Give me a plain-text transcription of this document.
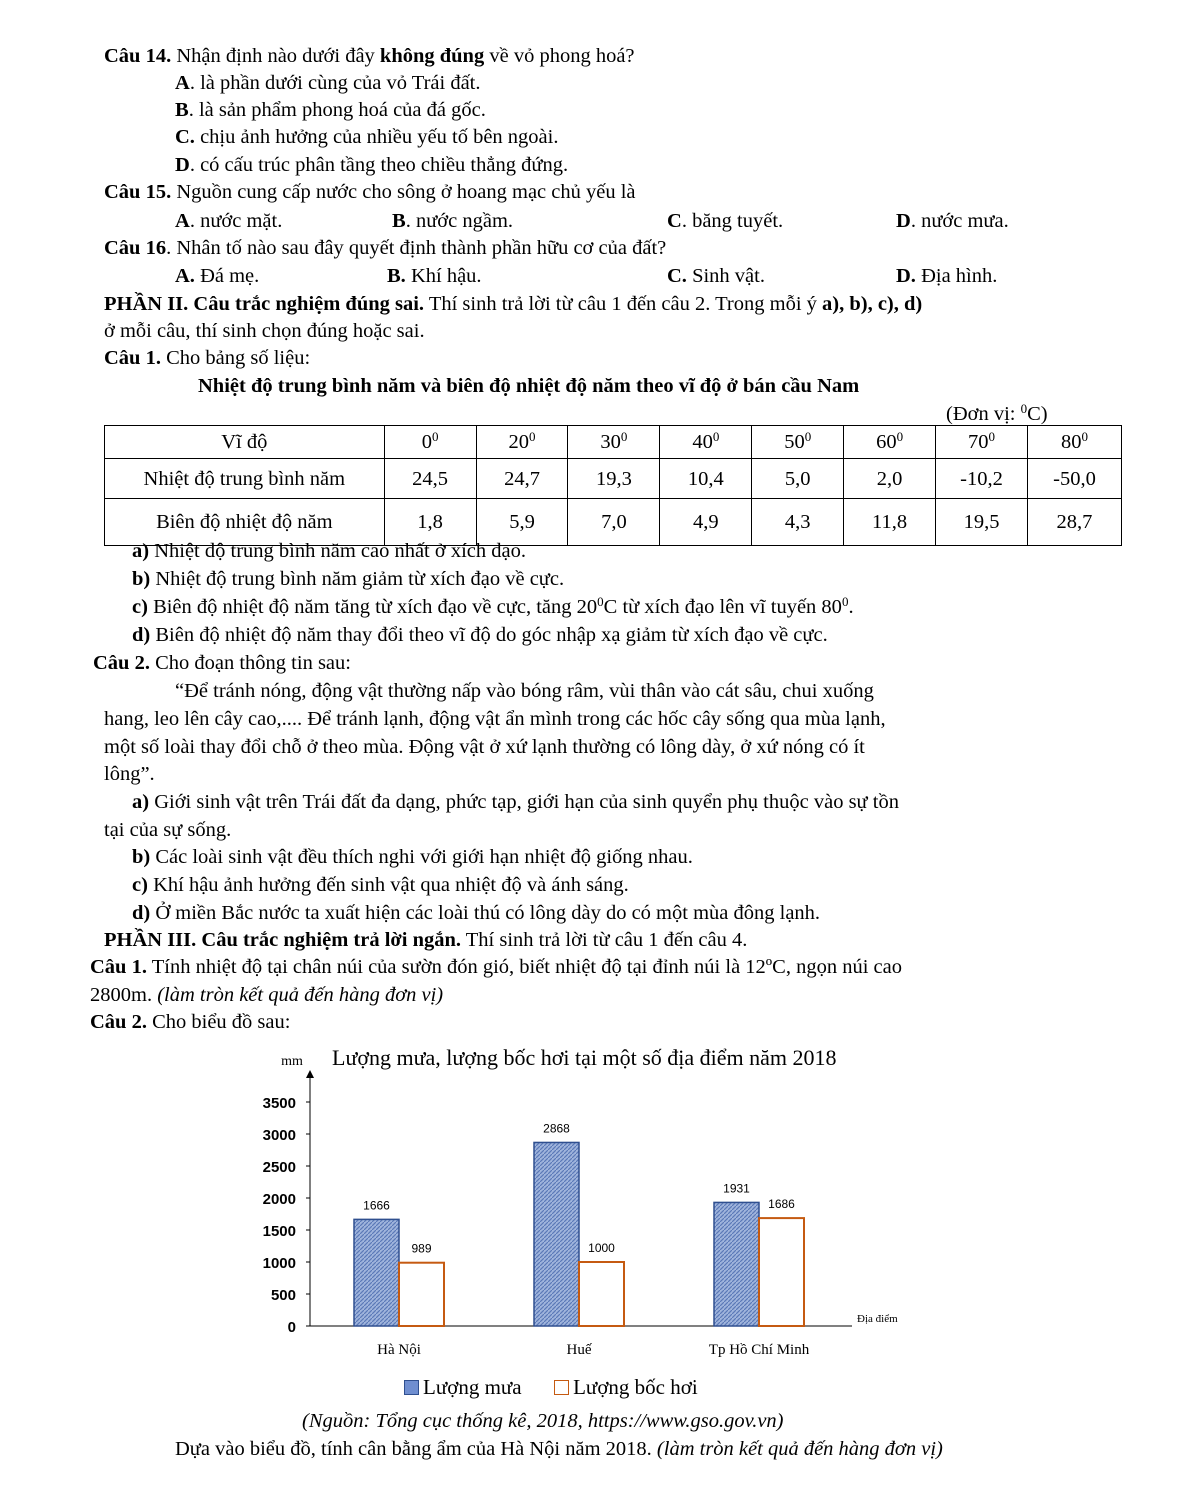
Câu 14. Nhận định nào dưới đây không đúng về vỏ phong hoá?
A. là phần dưới cùng của vỏ Trái đất.
B. là sản phẩm phong hoá của đá gốc.
C. chịu ảnh hưởng của nhiều yếu tố bên ngoài.
D. có cấu trúc phân tầng theo chiều thẳng đứng.
Câu 15. Nguồn cung cấp nước cho sông ở hoang mạc chủ yếu là
A. nước mặt.	B. nước ngầm.	C. băng tuyết.	D. nước mưa.
Câu 16. Nhân tố nào sau đây quyết định thành phần hữu cơ của đất?
A. Đá mẹ.	B. Khí hậu.	C. Sinh vật.	D. Địa hình.
PHẦN II. Câu trắc nghiệm đúng sai. Thí sinh trả lời từ câu 1 đến câu 2. Trong mỗi ý a), b), c), d)
ở mỗi câu, thí sinh chọn đúng hoặc sai.
Câu 1. Cho bảng số liệu:
Nhiệt độ trung bình năm và biên độ nhiệt độ năm theo vĩ độ ở bán cầu Nam
(Đơn vị: $^0$C)
Vĩ độ	$0^0$	$20^0$	$30^0$	$40^0$	$50^0$	$60^0$	$70^0$	$80^0$
Nhiệt độ trung bình năm	24,5	24,7	19,3	10,4	5,0	2,0	-10,2	-50,0
Biên độ nhiệt độ năm	1,8	5,9	7,0	4,9	4,3	11,8	19,5	28,7
a) Nhiệt độ trung bình năm cao nhất ở xích đạo.
b) Nhiệt độ trung bình năm giảm từ xích đạo về cực.
c) Biên độ nhiệt độ năm tăng từ xích đạo về cực, tăng $20^0C$ từ xích đạo lên vĩ tuyến $80^0$.
d) Biên độ nhiệt độ năm thay đổi theo vĩ độ do góc nhập xạ giảm từ xích đạo về cực.
Câu 2. Cho đoạn thông tin sau:
“Để tránh nóng, động vật thường nấp vào bóng râm, vùi thân vào cát sâu, chui xuống
hang, leo lên cây cao,.... Để tránh lạnh, động vật ẩn mình trong các hốc cây sống qua mùa lạnh,
một số loài thay đổi chỗ ở theo mùa. Động vật ở xứ lạnh thường có lông dày, ở xứ nóng có ít
lông”.
a) Giới sinh vật trên Trái đất đa dạng, phức tạp, giới hạn của sinh quyển phụ thuộc vào sự tồn
tại của sự sống.
b) Các loài sinh vật đều thích nghi với giới hạn nhiệt độ giống nhau.
c) Khí hậu ảnh hưởng đến sinh vật qua nhiệt độ và ánh sáng.
d) Ở miền Bắc nước ta xuất hiện các loài thú có lông dày do có một mùa đông lạnh.
PHẦN III. Câu trắc nghiệm trả lời ngắn. Thí sinh trả lời từ câu 1 đến câu 4.
Câu 1. Tính nhiệt độ tại chân núi của sườn đón gió, biết nhiệt độ tại đỉnh núi là 12ºC, ngọn núi cao
2800m. (làm tròn kết quả đến hàng đơn vị)
Câu 2. Cho biểu đồ sau:
mm Lượng mưa, lượng bốc hơi tại một số địa điểm năm 2018
0
500
1000
1500
2000
2500
3000
3500
1666
989
2868
1000
1931
1686
Hà Nội	Huế	Tp Hồ Chí Minh
Địa điểm
Lượng mưa Lượng bốc hơi
(Nguồn: Tổng cục thống kê, 2018, https://www.gso.gov.vn)
Dựa vào biểu đồ, tính cân bằng ẩm của Hà Nội năm 2018. (làm tròn kết quả đến hàng đơn vị)
